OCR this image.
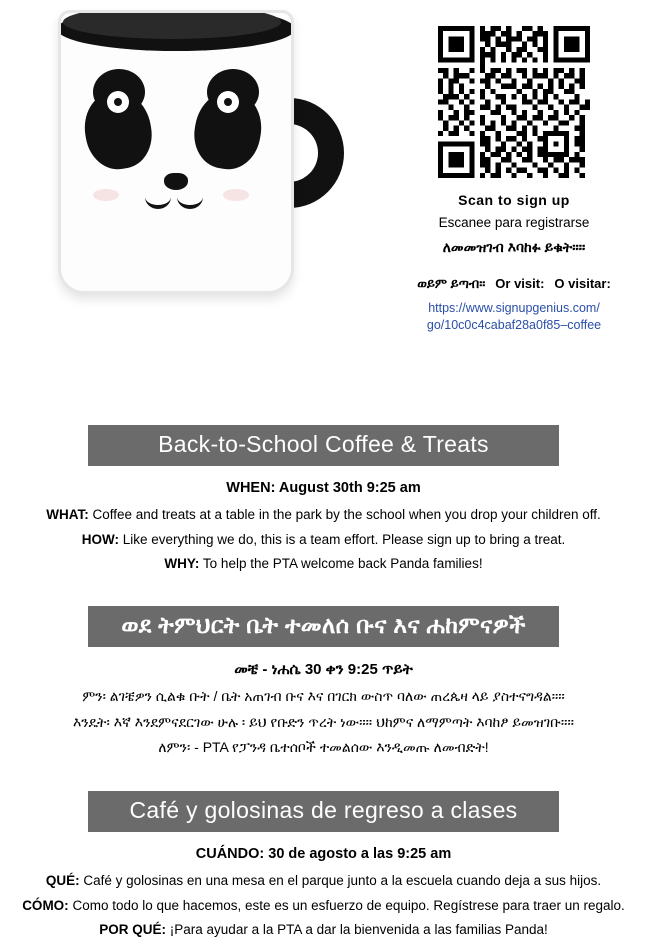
Scan to sign up
Escanee para registrarse
ለመመዝገብ እባከፉ ይቁት።።
ወይም ይጣብ። Or visit: O visitar:
https://www.signupgenius.com/
go/10c0c4cabaf28a0f85–coffee
Back-to-School Coffee & Treats

WHEN: August 30th 9:25 am

WHAT: Coffee and treats at a table in the park by the school when you drop your children off.

HOW: Like everything we do, this is a team effort. Please sign up to bring a treat.

WHY: To help the PTA welcome back Panda families!

ወደ ትምህርት ቤት ተመለሰ ቡና እና ሐከምናዎች

መቼ - ነሐሴ 30 ቀን 9:25 ጥይት

ምን፡ ልገቼዎን ሲልቁ ቡት / ቤት አጠገብ ቡና እና በገርክ ውስጥ ባለው ጠረጴዛ ላይ ያስተናግዳል።።

እንዴት፡ እኛ እንደምናደርገው ሁሉ ፡ ይህ የቡድን ጥረት ነው።። ህከምና ለማምጣት እባከፆ ይመዝገቡ።።

ለምን፡ - PTA የፓንዳ ቤተሰቦች ተመልሰው እንዲመጡ ለመብድት!

Café y golosinas de regreso a clases

CUÁNDO: 30 de agosto a las 9:25 am

QUÉ: Café y golosinas en una mesa en el parque junto a la escuela cuando deja a sus hijos.

CÓMO: Como todo lo que hacemos, este es un esfuerzo de equipo. Regístrese para traer un regalo.

POR QUÉ: ¡Para ayudar a la PTA a dar la bienvenida a las familias Panda!
